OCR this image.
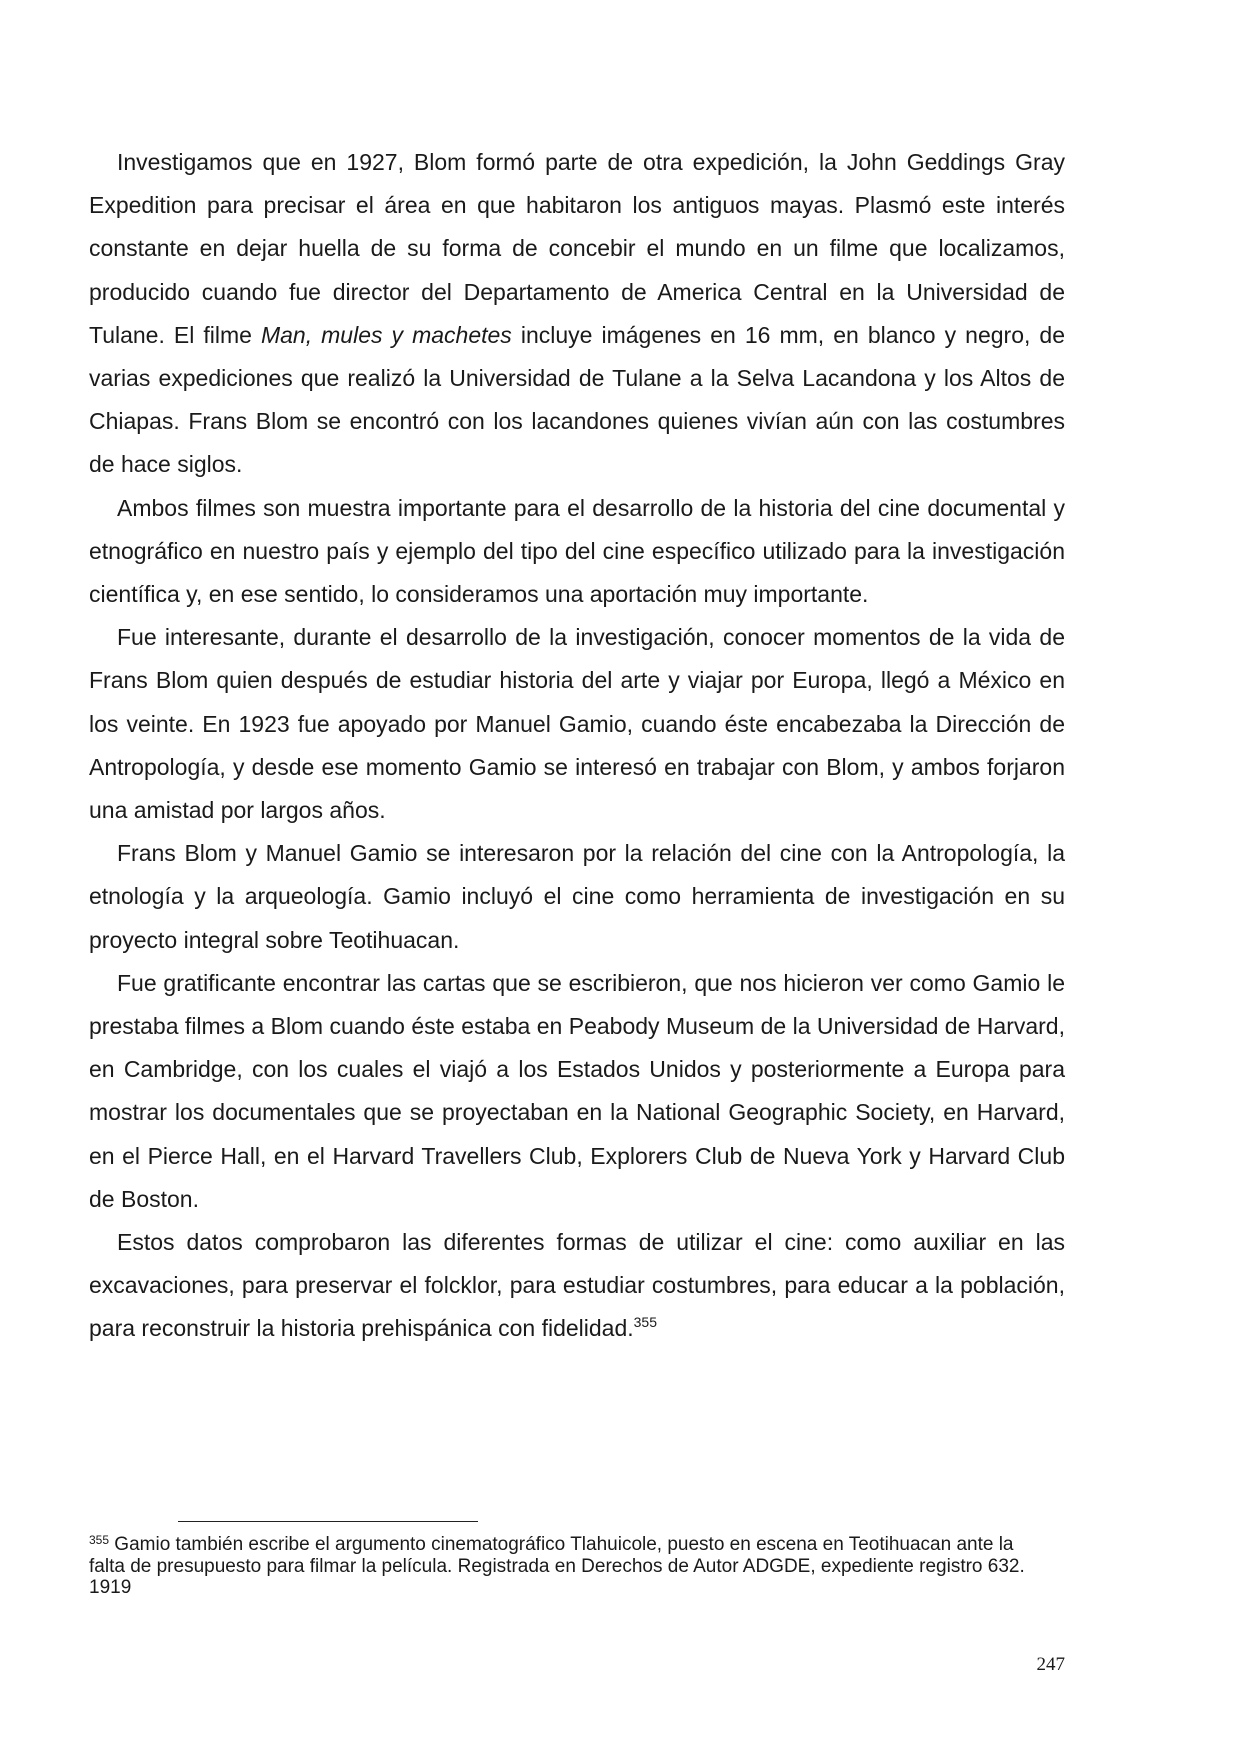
Investigamos que en 1927, Blom formó parte de otra expedición, la John Geddings Gray Expedition para precisar el área en que habitaron los antiguos mayas. Plasmó este interés constante en dejar huella de su forma de concebir el mundo en un filme que localizamos, producido cuando fue director del Departamento de America Central en la Universidad de Tulane. El filme Man, mules y machetes incluye imágenes en 16 mm, en blanco y negro, de varias expediciones que realizó la Universidad de Tulane a la Selva Lacandona y los Altos de Chiapas. Frans Blom se encontró con los lacandones quienes vivían aún con las costumbres de hace siglos.

Ambos filmes son muestra importante para el desarrollo de la historia del cine documental y etnográfico en nuestro país y ejemplo del tipo del cine específico utilizado para la investigación científica y, en ese sentido, lo consideramos una aportación muy importante.

Fue interesante, durante el desarrollo de la investigación, conocer momentos de la vida de Frans Blom quien después de estudiar historia del arte y viajar por Europa, llegó a México en los veinte. En 1923 fue apoyado por Manuel Gamio, cuando éste encabezaba la Dirección de Antropología, y desde ese momento Gamio se interesó en trabajar con Blom, y ambos forjaron una amistad por largos años.

Frans Blom y Manuel Gamio se interesaron por la relación del cine con la Antropología, la etnología y la arqueología. Gamio incluyó el cine como herramienta de investigación en su proyecto integral sobre Teotihuacan.

Fue gratificante encontrar las cartas que se escribieron, que nos hicieron ver como Gamio le prestaba filmes a Blom cuando éste estaba en Peabody Museum de la Universidad de Harvard, en Cambridge, con los cuales el viajó a los Estados Unidos y posteriormente a Europa para mostrar los documentales que se proyectaban en la National Geographic Society, en Harvard, en el Pierce Hall, en el Harvard Travellers Club, Explorers Club de Nueva York y Harvard Club de Boston.

Estos datos comprobaron las diferentes formas de utilizar el cine: como auxiliar en las excavaciones, para preservar el folcklor, para estudiar costumbres, para educar a la población, para reconstruir la historia prehispánica con fidelidad.$^{355}$

$^{355}$ Gamio también escribe el argumento cinematográfico Tlahuicole, puesto en escena en Teotihuacan ante la falta de presupuesto para filmar la película. Registrada en Derechos de Autor ADGDE, expediente registro 632. 1919

247
